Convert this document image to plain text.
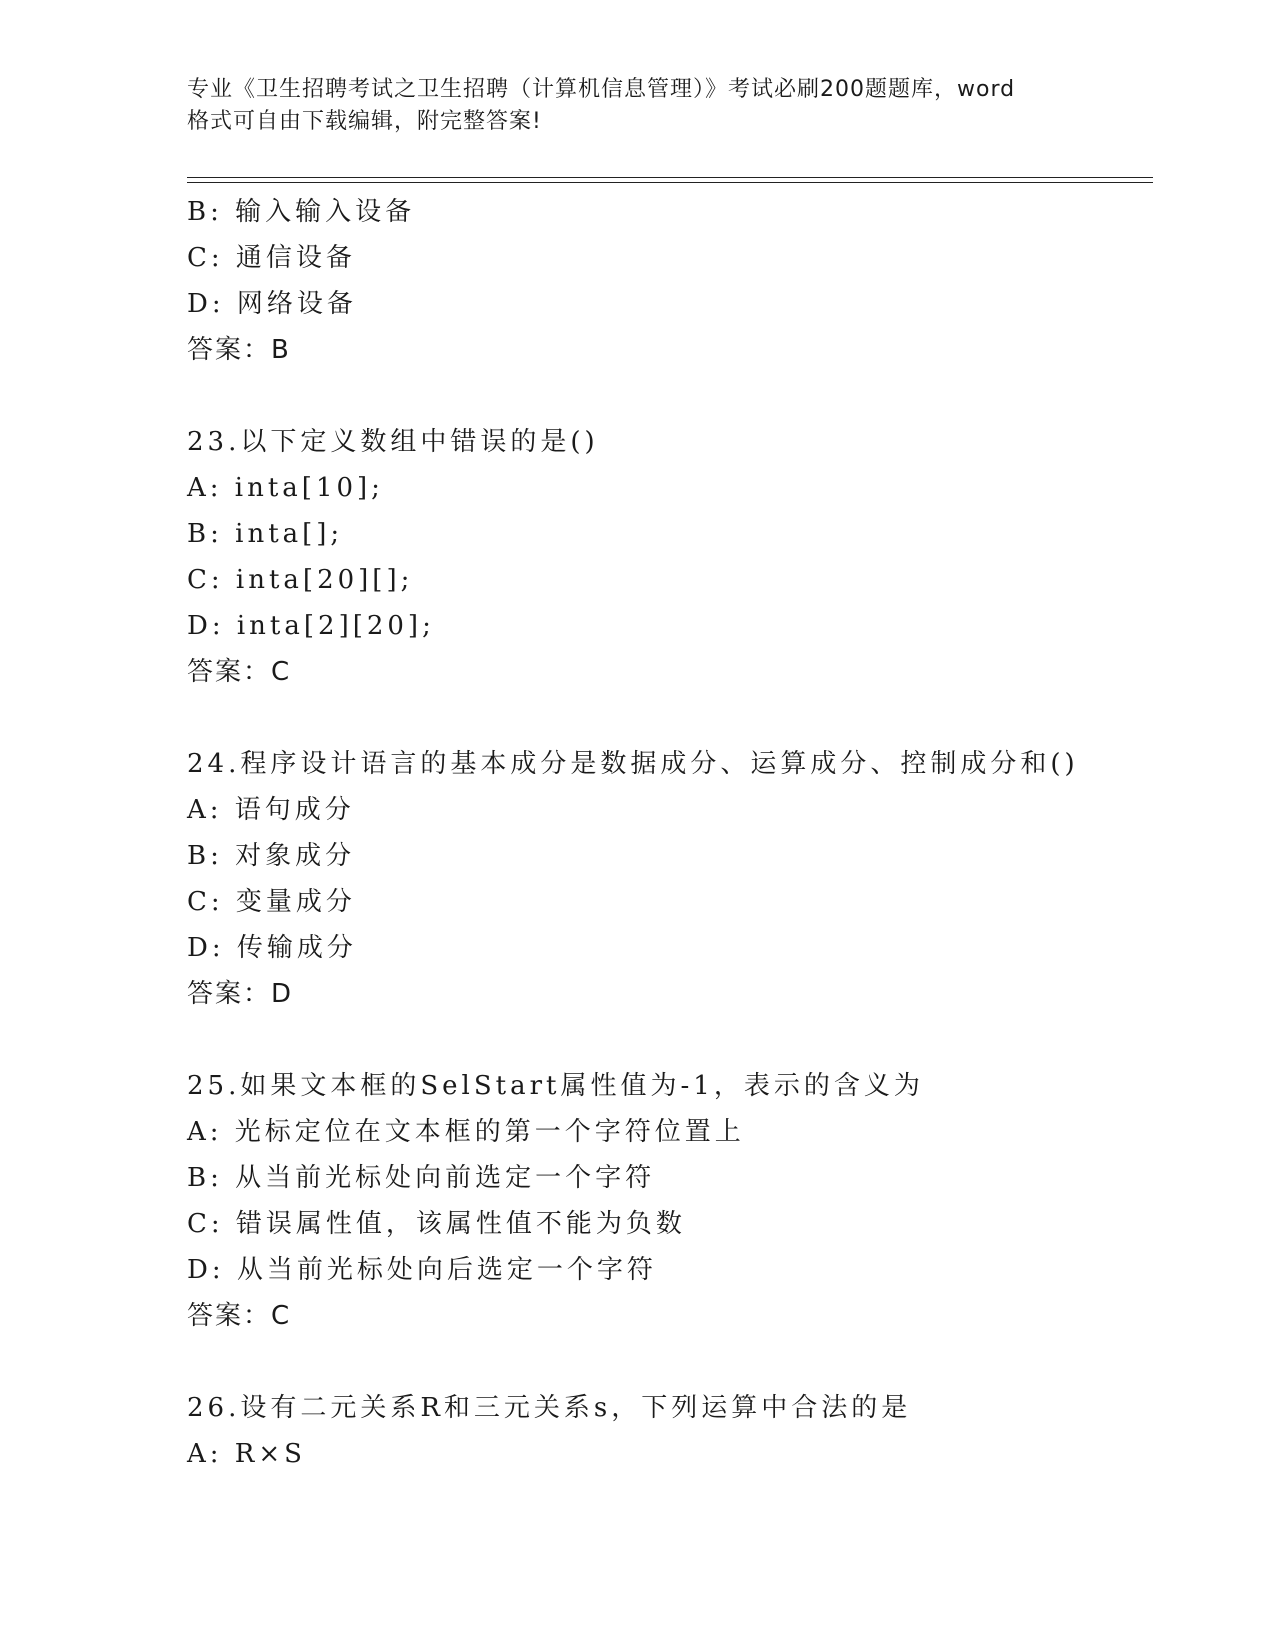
专业《卫生招聘考试之卫生招聘（计算机信息管理）》考试必刷200题题库，word
格式可自由下载编辑，附完整答案!
B: 输入输入设备
C: 通信设备
D: 网络设备
答案：B
23.以下定义数组中错误的是()
A: inta[10];
B: inta[];
C: inta[20][];
D: inta[2][20];
答案：C
24.程序设计语言的基本成分是数据成分、运算成分、控制成分和()
A: 语句成分
B: 对象成分
C: 变量成分
D: 传输成分
答案：D
25.如果文本框的SelStart属性值为-1，表示的含义为
A: 光标定位在文本框的第一个字符位置上
B: 从当前光标处向前选定一个字符
C: 错误属性值，该属性值不能为负数
D: 从当前光标处向后选定一个字符
答案：C
26.设有二元关系R和三元关系s，下列运算中合法的是
A: R×S
